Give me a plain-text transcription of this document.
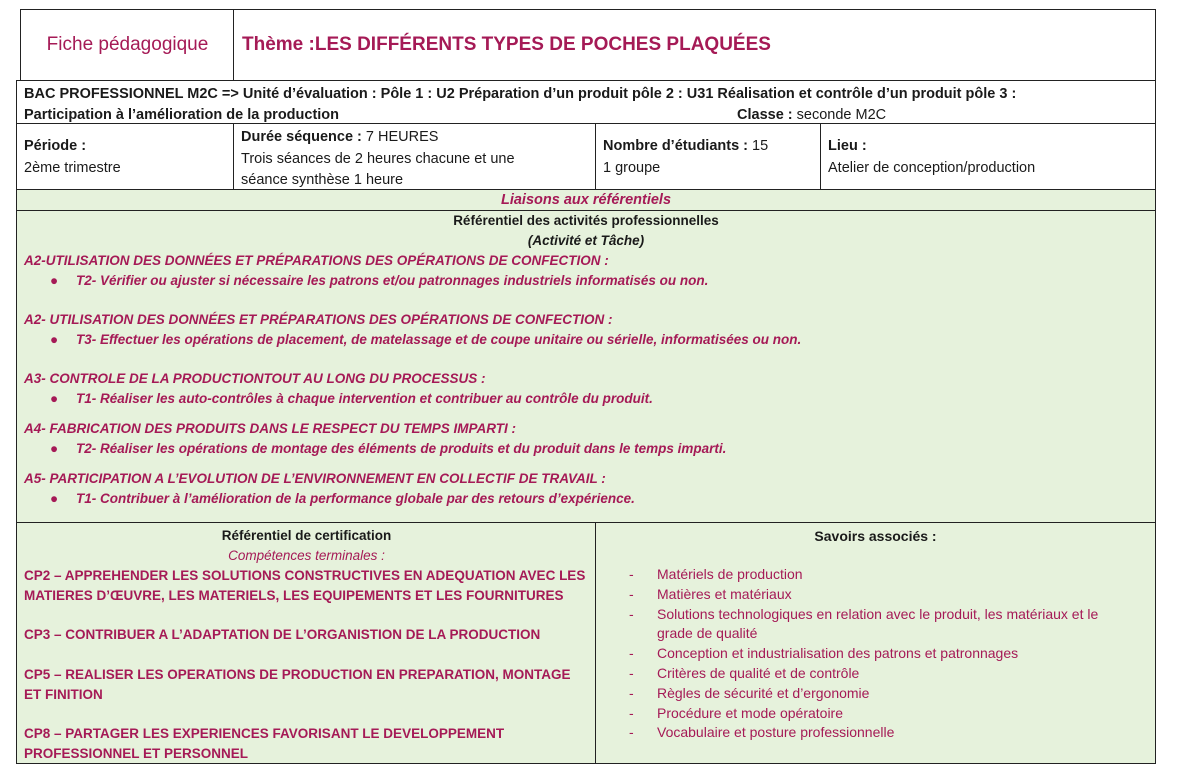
Fiche pédagogique	Thème : LES DIFFÉRENTS TYPES DE POCHES PLAQUÉES
BAC PROFESSIONNEL M2C => Unité d’évaluation : Pôle 1 : U2 Préparation d’un produit pôle 2 : U31 Réalisation et contrôle d’un produit pôle 3 :
Participation à l’amélioration de la production	Classe : seconde M2C
Période :
2ème trimestre
Durée séquence : 7 HEURES
Trois séances de 2 heures chacune et une
séance synthèse 1 heure
Nombre d’étudiants : 15
1 groupe
Lieu :
Atelier de conception/production
Liaisons aux référentiels
Référentiel des activités professionnelles
(Activité et Tâche)
A2-UTILISATION DES DONNÉES ET PRÉPARATIONS DES OPÉRATIONS DE CONFECTION :
● T2- Vérifier ou ajuster si nécessaire les patrons et/ou patronnages industriels informatisés ou non.
A2- UTILISATION DES DONNÉES ET PRÉPARATIONS DES OPÉRATIONS DE CONFECTION :
● T3- Effectuer les opérations de placement, de matelassage et de coupe unitaire ou sérielle, informatisées ou non.
A3- CONTROLE DE LA PRODUCTIONTOUT AU LONG DU PROCESSUS :
● T1- Réaliser les auto-contrôles à chaque intervention et contribuer au contrôle du produit.
A4- FABRICATION DES PRODUITS DANS LE RESPECT DU TEMPS IMPARTI :
● T2- Réaliser les opérations de montage des éléments de produits et du produit dans le temps imparti.
A5- PARTICIPATION A L’EVOLUTION DE L’ENVIRONNEMENT EN COLLECTIF DE TRAVAIL :
● T1- Contribuer à l’amélioration de la performance globale par des retours d’expérience.
Référentiel de certification
Compétences terminales :
CP2 – APPREHENDER LES SOLUTIONS CONSTRUCTIVES EN ADEQUATION AVEC LES MATIERES D’ŒUVRE, LES MATERIELS, LES EQUIPEMENTS ET LES FOURNITURES
CP3 – CONTRIBUER A L’ADAPTATION DE L’ORGANISTION DE LA PRODUCTION
CP5 – REALISER LES OPERATIONS DE PRODUCTION EN PREPARATION, MONTAGE ET FINITION
CP8 – PARTAGER LES EXPERIENCES FAVORISANT LE DEVELOPPEMENT PROFESSIONNEL ET PERSONNEL
Savoirs associés :
- Matériels de production
- Matières et matériaux
- Solutions technologiques en relation avec le produit, les matériaux et le grade de qualité
- Conception et industrialisation des patrons et patronnages
- Critères de qualité et de contrôle
- Règles de sécurité et d’ergonomie
- Procédure et mode opératoire
- Vocabulaire et posture professionnelle
